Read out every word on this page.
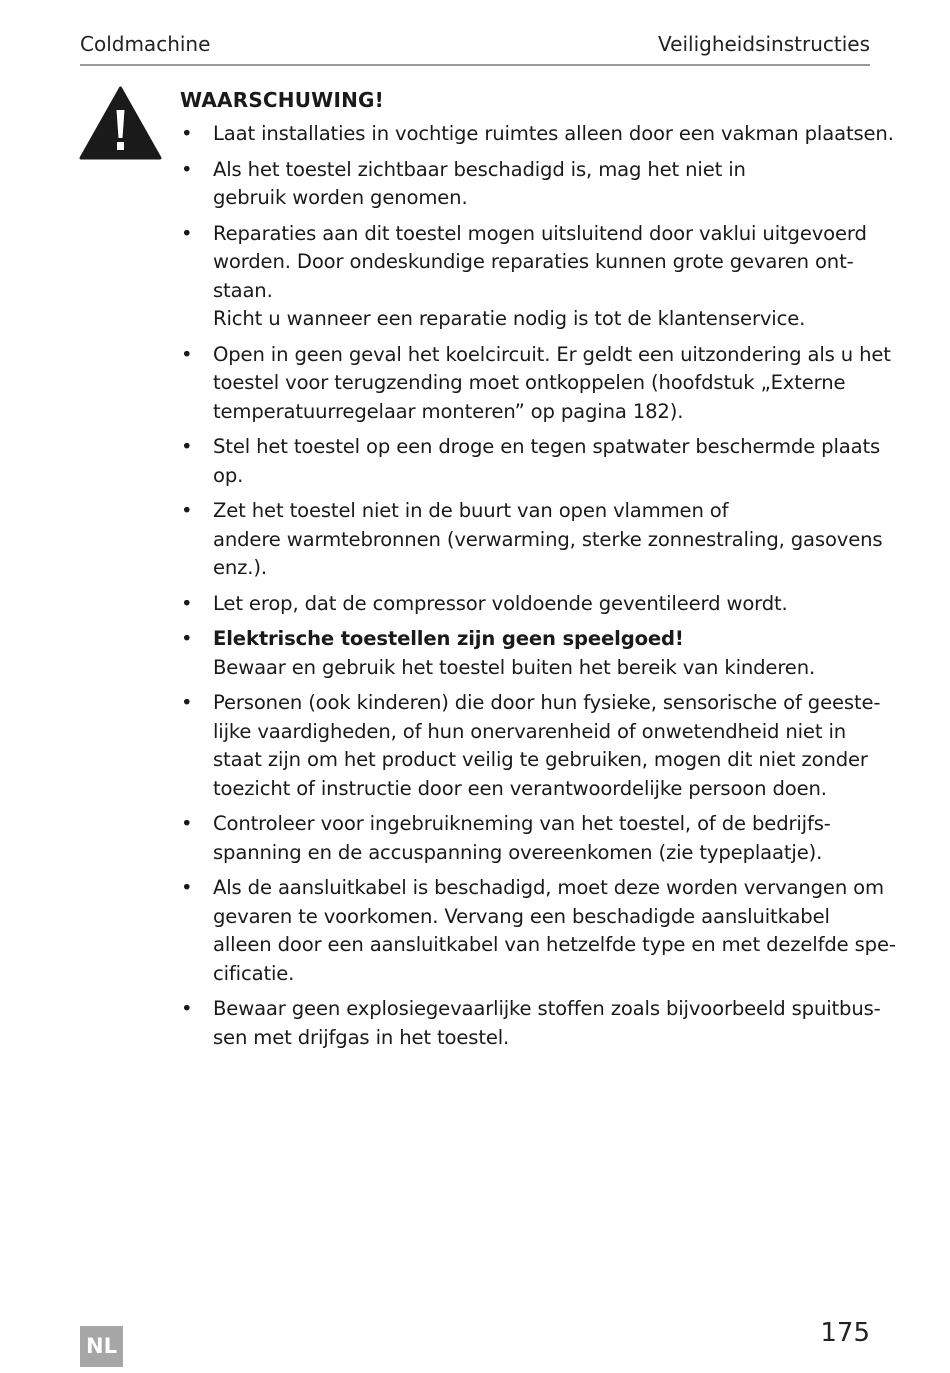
Coldmachine	Veiligheidsinstructies
WAARSCHUWING!
• Laat installaties in vochtige ruimtes alleen door een vakman plaatsen.
• Als het toestel zichtbaar beschadigd is, mag het niet in
gebruik worden genomen.
• Reparaties aan dit toestel mogen uitsluitend door vaklui uitgevoerd
worden. Door ondeskundige reparaties kunnen grote gevaren ont-
staan.
Richt u wanneer een reparatie nodig is tot de klantenservice.
• Open in geen geval het koelcircuit. Er geldt een uitzondering als u het
toestel voor terugzending moet ontkoppelen (hoofdstuk „Externe
temperatuurregelaar monteren” op pagina 182).
• Stel het toestel op een droge en tegen spatwater beschermde plaats
op.
• Zet het toestel niet in de buurt van open vlammen of
andere warmtebronnen (verwarming, sterke zonnestraling, gasovens
enz.).
• Let erop, dat de compressor voldoende geventileerd wordt.
• Elektrische toestellen zijn geen speelgoed!
Bewaar en gebruik het toestel buiten het bereik van kinderen.
• Personen (ook kinderen) die door hun fysieke, sensorische of geeste-
lijke vaardigheden, of hun onervarenheid of onwetendheid niet in
staat zijn om het product veilig te gebruiken, mogen dit niet zonder
toezicht of instructie door een verantwoordelijke persoon doen.
• Controleer voor ingebruikneming van het toestel, of de bedrijfs-
spanning en de accuspanning overeenkomen (zie typeplaatje).
• Als de aansluitkabel is beschadigd, moet deze worden vervangen om
gevaren te voorkomen. Vervang een beschadigde aansluitkabel
alleen door een aansluitkabel van hetzelfde type en met dezelfde spe-
cificatie.
• Bewaar geen explosiegevaarlijke stoffen zoals bijvoorbeeld spuitbus-
sen met drijfgas in het toestel.
NL	175
